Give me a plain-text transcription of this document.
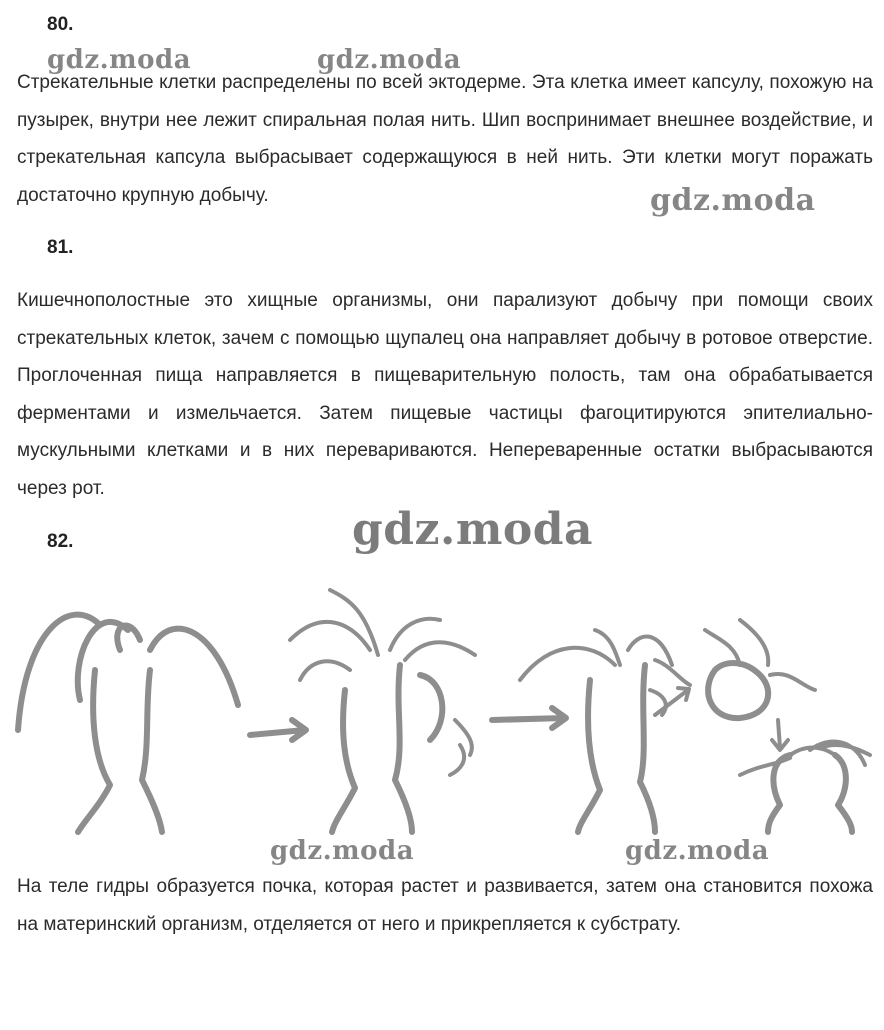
80.
Стрекательные клетки распределены по всей эктодерме. Эта клетка имеет капсулу, похожую на пузырек, внутри нее лежит спиральная полая нить. Шип воспринимает внешнее воздействие, и стрекательная капсула выбрасывает содержащуюся в ней нить. Эти клетки могут поражать достаточно крупную добычу.
81.
Кишечнополостные это хищные организмы, они парализуют добычу при помощи своих стрекательных клеток, зачем с помощью щупалец она направляет добычу в ротовое отверстие. Проглоченная пища направляется в пищеварительную полость, там она обрабатывается ферментами и измельчается. Затем пищевые частицы фагоцитируются эпителиально-мускульными клетками и в них перевариваются. Непереваренные остатки выбрасываются через рот.
82.
На теле гидры образуется почка, которая растет и развивается, затем она становится похожа на материнский организм, отделяется от него и прикрепляется к субстрату.
gdz.moda	gdz.moda
gdz.moda
gdz.moda
gdz.moda	gdz.moda
